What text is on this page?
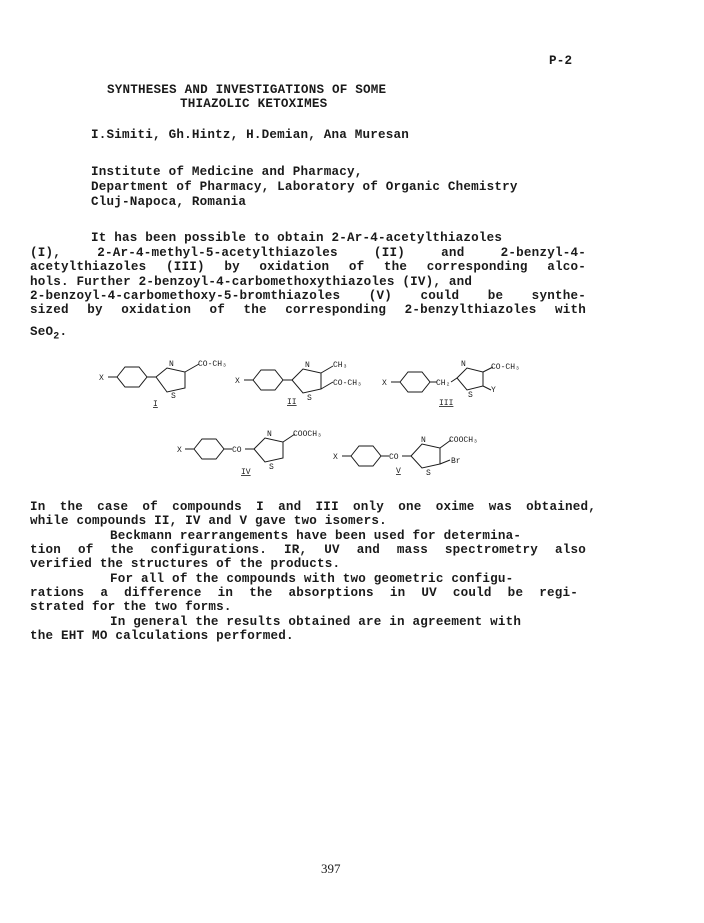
P-2
SYNTHESES AND INVESTIGATIONS OF SOME
THIAZOLIC KETOXIMES
I.Simiti, Gh.Hintz, H.Demian, Ana Muresan
Institute of Medicine and Pharmacy,
Department of Pharmacy, Laboratory of Organic Chemistry
Cluj-Napoca, Romania
It has been possible to obtain 2-Ar-4-acetylthiazoles
(I), 2-Ar-4-methyl-5-acetylthiazoles (II) and 2-benzyl-4-
acetylthiazoles (III) by oxidation of the corresponding alco-
hols. Further 2-benzoyl-4-carbomethoxythiazoles (IV), and
2-benzoyl-4-carbomethoxy-5-bromthiazoles (V) could be synthe-
sized by oxidation of the corresponding 2-benzylthiazoles with
SeO$_2$.
X
N
S
CO-CH₃
I
X
N
S
CH₃
CO-CH₃
II
X	CH₂
N
S
CO-CH₃
Y
III
X	CO
N
S
COOCH₃
IV
X	CO
N
S
COOCH₃
Br
V
In the case of compounds I and III only one oxime was obtained,
while compounds II, IV and V gave two isomers.
Beckmann rearrangements have been used for determina-
tion of the configurations. IR, UV and mass spectrometry also
verified the structures of the products.
For all of the compounds with two geometric configu-
rations a difference in the absorptions in UV could be regi-
strated for the two forms.
In general the results obtained are in agreement with
the EHT MO calculations performed.
397
